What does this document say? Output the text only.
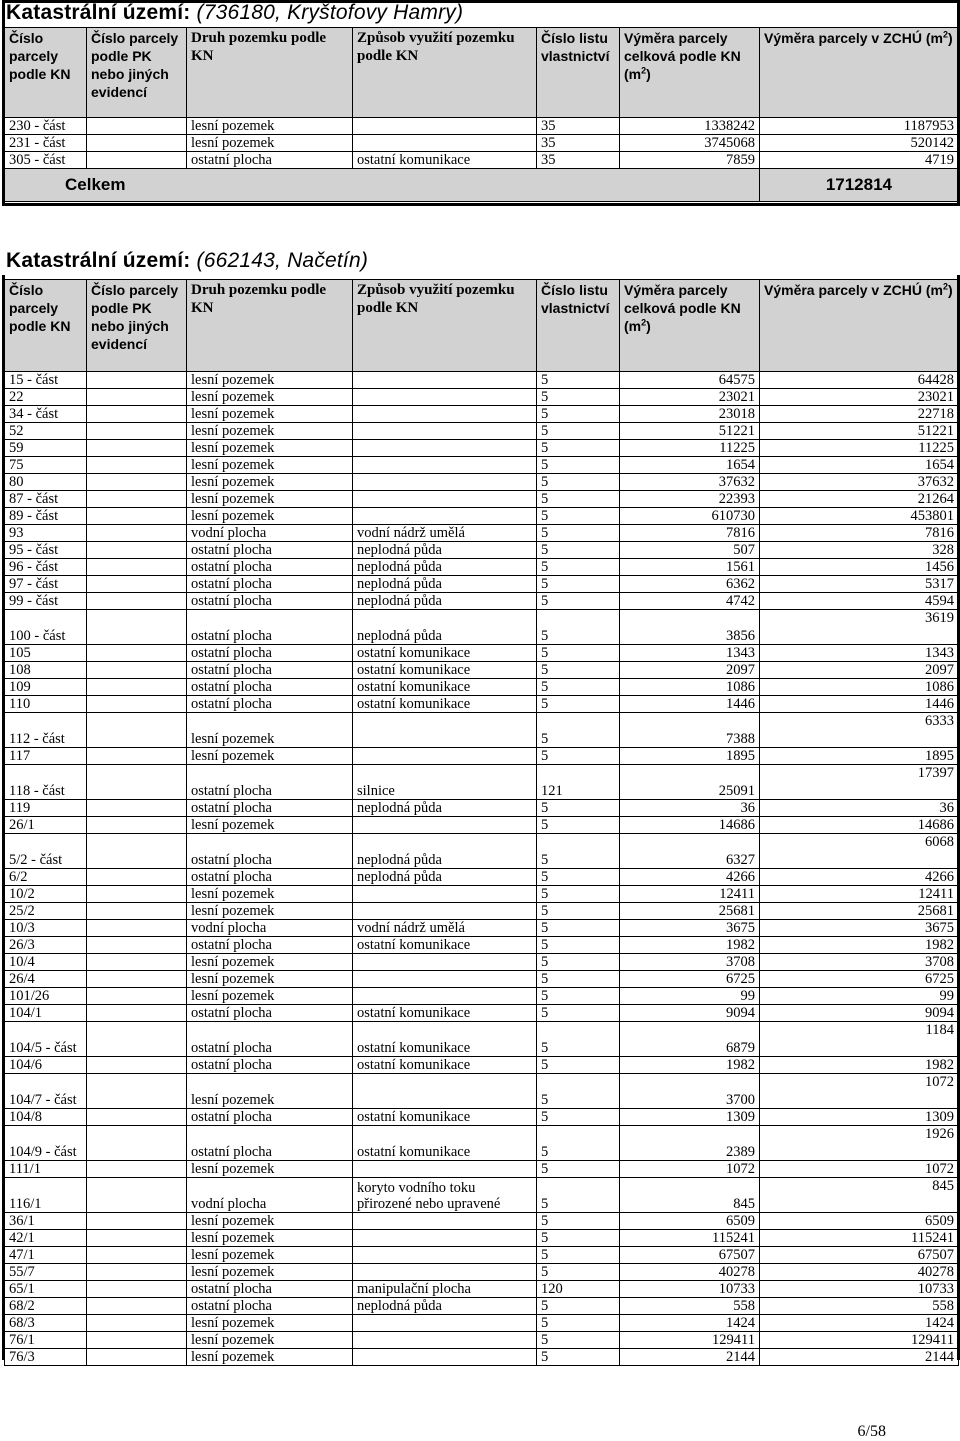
Katastrální území: (736180, Kryštofovy Hamry)
Číslo parcely podle KN	Číslo parcely podle PK nebo jiných evidencí	Druh pozemku podle KN	Způsob využití pozemku podle KN	Číslo listu vlastnictví	Výměra parcely celková podle KN $(m^2)$	Výměra parcely v ZCHÚ $(m^2)$
230 - část		lesní pozemek		35	1338242	1187953
231 - část		lesní pozemek		35	3745068	520142
305 - část		ostatní plocha	ostatní komunikace	35	7859	4719
Celkem						1712814
Katastrální území: (662143, Načetín)
Číslo parcely podle KN	Číslo parcely podle PK nebo jiných evidencí	Druh pozemku podle KN	Způsob využití pozemku podle KN	Číslo listu vlastnictví	Výměra parcely celková podle KN $(m^2)$	Výměra parcely v ZCHÚ $(m^2)$
15 - část		lesní pozemek		5	64575	64428
22		lesní pozemek		5	23021	23021
34 - část		lesní pozemek		5	23018	22718
52		lesní pozemek		5	51221	51221
59		lesní pozemek		5	11225	11225
75		lesní pozemek		5	1654	1654
80		lesní pozemek		5	37632	37632
87 - část		lesní pozemek		5	22393	21264
89 - část		lesní pozemek		5	610730	453801
93		vodní plocha	vodní nádrž umělá	5	7816	7816
95 - část		ostatní plocha	neplodná půda	5	507	328
96 - část		ostatní plocha	neplodná půda	5	1561	1456
97 - část		ostatní plocha	neplodná půda	5	6362	5317
99 - část		ostatní plocha	neplodná půda	5	4742	4594
100 - část		ostatní plocha	neplodná půda	5	3856	3619
105		ostatní plocha	ostatní komunikace	5	1343	1343
108		ostatní plocha	ostatní komunikace	5	2097	2097
109		ostatní plocha	ostatní komunikace	5	1086	1086
110		ostatní plocha	ostatní komunikace	5	1446	1446
112 - část		lesní pozemek		5	7388	6333
117		lesní pozemek		5	1895	1895
118 - část		ostatní plocha	silnice	121	25091	17397
119		ostatní plocha	neplodná půda	5	36	36
26/1		lesní pozemek		5	14686	14686
5/2 - část		ostatní plocha	neplodná půda	5	6327	6068
6/2		ostatní plocha	neplodná půda	5	4266	4266
10/2		lesní pozemek		5	12411	12411
25/2		lesní pozemek		5	25681	25681
10/3		vodní plocha	vodní nádrž umělá	5	3675	3675
26/3		ostatní plocha	ostatní komunikace	5	1982	1982
10/4		lesní pozemek		5	3708	3708
26/4		lesní pozemek		5	6725	6725
101/26		lesní pozemek		5	99	99
104/1		ostatní plocha	ostatní komunikace	5	9094	9094
104/5 - část		ostatní plocha	ostatní komunikace	5	6879	1184
104/6		ostatní plocha	ostatní komunikace	5	1982	1982
104/7 - část		lesní pozemek		5	3700	1072
104/8		ostatní plocha	ostatní komunikace	5	1309	1309
104/9 - část		ostatní plocha	ostatní komunikace	5	2389	1926
111/1		lesní pozemek		5	1072	1072
116/1		vodní plocha	koryto vodního toku přirozené nebo upravené	5	845	845
36/1		lesní pozemek		5	6509	6509
42/1		lesní pozemek		5	115241	115241
47/1		lesní pozemek		5	67507	67507
55/7		lesní pozemek		5	40278	40278
65/1		ostatní plocha	manipulační plocha	120	10733	10733
68/2		ostatní plocha	neplodná půda	5	558	558
68/3		lesní pozemek		5	1424	1424
76/1		lesní pozemek		5	129411	129411
76/3		lesní pozemek		5	2144	2144
6/58
